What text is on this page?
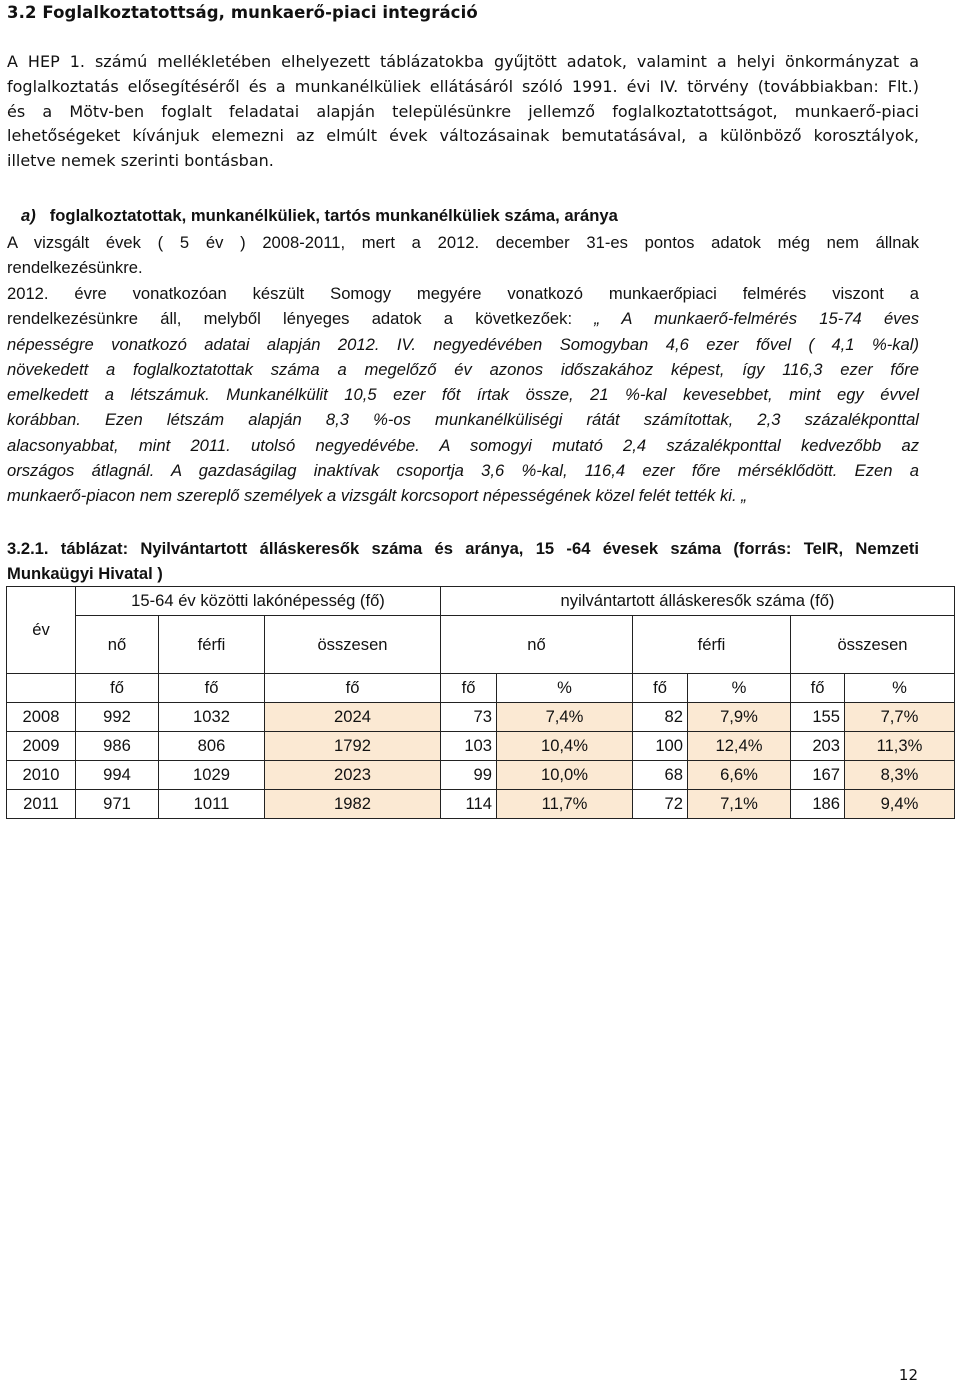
3.2 Foglalkoztatottság, munkaerő-piaci integráció
A HEP 1. számú mellékletében elhelyezett táblázatokba gyűjtött adatok, valamint a helyi önkormányzat a
foglalkoztatás elősegítéséről és a munkanélküliek ellátásáról szóló 1991. évi IV. törvény (továbbiakban: Flt.)
és a Mötv-ben foglalt feladatai alapján településünkre jellemző foglalkoztatottságot, munkaerő-piaci
lehetőségeket kívánjuk elemezni az elmúlt évek változásainak bemutatásával, a különböző korosztályok,
illetve nemek szerinti bontásban.
a) foglalkoztatottak, munkanélküliek, tartós munkanélküliek száma, aránya
A vizsgált évek ( 5 év ) 2008-2011, mert a 2012. december 31-es pontos adatok még nem állnak
rendelkezésünkre.
2012. évre vonatkozóan készült Somogy megyére vonatkozó munkaerőpiaci felmérés viszont a
rendelkezésünkre áll, melyből lényeges adatok a következőek: „ A munkaerő-felmérés 15-74 éves
népességre vonatkozó adatai alapján 2012. IV. negyedévében Somogyban 4,6 ezer fővel ( 4,1 %-kal)
növekedett a foglalkoztatottak száma a megelőző év azonos időszakához képest, így 116,3 ezer főre
emelkedett a létszámuk. Munkanélkülit 10,5 ezer főt írtak össze, 21 %-kal kevesebbet, mint egy évvel
korábban. Ezen létszám alapján 8,3 %-os munkanélküliségi rátát számítottak, 2,3 százalékponttal
alacsonyabbat, mint 2011. utolsó negyedévébe. A somogyi mutató 2,4 százalékponttal kedvezőbb az
országos átlagnál. A gazdaságilag inaktívak csoportja 3,6 %-kal, 116,4 ezer főre mérséklődött. Ezen a
munkaerő-piacon nem szereplő személyek a vizsgált korcsoport népességének közel felét tették ki. „
3.2.1. táblázat: Nyilvántartott álláskeresők száma és aránya, 15 -64 évesek száma (forrás: TeIR, Nemzeti
Munkaügyi Hivatal )
év	15-64 év közötti lakónépesség (fő)			nyilvántartott álláskeresők száma (fő)					
	nő	férfi	összesen	nő		férfi		összesen	
	fő	fő	fő	fő	%	fő	%	fő	%
2008	992	1032	2024	73	7,4%	82	7,9%	155	7,7%
2009	986	806	1792	103	10,4%	100	12,4%	203	11,3%
2010	994	1029	2023	99	10,0%	68	6,6%	167	8,3%
2011	971	1011	1982	114	11,7%	72	7,1%	186	9,4%
12
